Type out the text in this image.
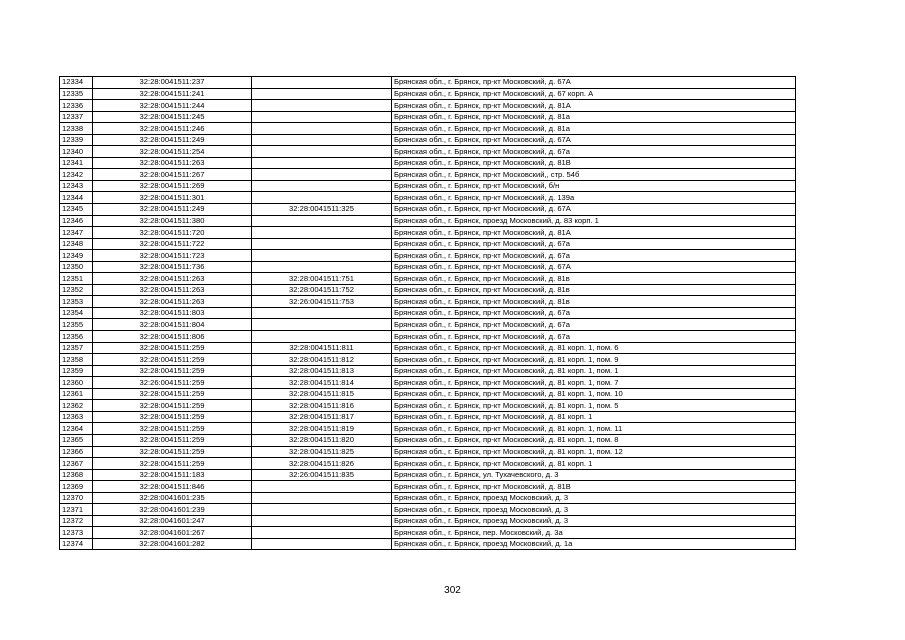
12334	32:28:0041511:237		Брянская обл., г. Брянск, пр-кт Московский, д. 67А
12335	32:28:0041511:241		Брянская обл., г. Брянск, пр-кт Московский, д. 67 корп. А
12336	32:28:0041511:244		Брянская обл., г. Брянск, пр-кт Московский, д. 81А
12337	32:28:0041511:245		Брянская обл., г. Брянск, пр-кт Московский, д. 81а
12338	32:28:0041511:246		Брянская обл., г. Брянск, пр-кт Московский, д. 81а
12339	32:28:0041511:249		Брянская обл., г. Брянск, пр-кт Московский, д. 67А
12340	32:28:0041511:254		Брянская обл., г. Брянск, пр-кт Московский, д. 67а
12341	32:28:0041511:263		Брянская обл., г. Брянск, пр-кт Московский, д. 81В
12342	32:28:0041511:267		Брянская обл., г. Брянск, пр-кт Московский,, стр. 54б
12343	32:28:0041511:269		Брянская обл., г. Брянск, пр-кт Московский, б/н
12344	32:28:0041511:301		Брянская обл., г. Брянск, пр-кт Московский, д. 139а
12345	32:28:0041511:249	32:28:0041511:325	Брянская обл., г. Брянск, пр-кт Московский, д. 67А
12346	32:28:0041511:380		Брянская обл., г. Брянск, проезд Московский, д. 83 корп. 1
12347	32:28:0041511:720		Брянская обл., г. Брянск, пр-кт Московский, д. 81А
12348	32:28:0041511:722		Брянская обл., г. Брянск, пр-кт Московский, д. 67а
12349	32:28:0041511:723		Брянская обл., г. Брянск, пр-кт Московский, д. 67а
12350	32:28:0041511:736		Брянская обл., г. Брянск, пр-кт Московский, д. 67А
12351	32:28:0041511:263	32:28:0041511:751	Брянская обл., г. Брянск, пр-кт Московский, д. 81в
12352	32:28:0041511:263	32:28:0041511:752	Брянская обл., г. Брянск, пр-кт Московский, д. 81в
12353	32:28:0041511:263	32:26:0041511:753	Брянская обл., г. Брянск, пр-кт Московский, д. 81в
12354	32:28:0041511:803		Брянская обл., г. Брянск, пр-кт Московский, д. 67а
12355	32:28:0041511:804		Брянская обл., г. Брянск, пр-кт Московский, д. 67а
12356	32:28:0041511:806		Брянская обл., г. Брянск, пр-кт Московский, д. 67а
12357	32:28:0041511:259	32:28:0041511:811	Брянская обл., г. Брянск, пр-кт Московский, д. 81 корп. 1, пом. 6
12358	32:28:0041511:259	32:28:0041511:812	Брянская обл., г. Брянск, пр-кт Московский, д. 81 корп. 1, пом. 9
12359	32:28:0041511:259	32:28:0041511:813	Брянская обл., г. Брянск, пр-кт Московский, д. 81 корп. 1, пом. 1
12360	32:26:0041511:259	32:28:0041511:814	Брянская обл., г. Брянск, пр-кт Московский, д. 81 корп. 1, пом. 7
12361	32:28:0041511:259	32:28:0041511:815	Брянская обл., г. Брянск, пр-кт Московский, д. 81 корп. 1, пом. 10
12362	32:28:0041511:259	32:28:0041511:816	Брянская обл., г. Брянск, пр-кт Московский, д. 81 корп. 1, пом. 5
12363	32:28:0041511:259	32:28:0041511:817	Брянская обл., г. Брянск, пр-кт Московский, д. 81 корп. 1
12364	32:28:0041511:259	32:28:0041511:819	Брянская обл., г. Брянск, пр-кт Московский, д. 81 корп. 1, пом. 11
12365	32:28:0041511:259	32:28:0041511:820	Брянская обл., г. Брянск, пр-кт Московский, д. 81 корп. 1, пом. 8
12366	32:28:0041511:259	32:28:0041511:825	Брянская обл., г. Брянск, пр-кт Московский, д. 81 корп. 1, пом. 12
12367	32:28:0041511:259	32:28:0041511:826	Брянская обл., г. Брянск, пр-кт Московский, д. 81 корп. 1
12368	32:28:0041511:183	32:26:0041511:835	Брянская обл., г. Брянск, ул. Тухачевского, д. 3
12369	32:28:0041511:846		Брянская обл., г. Брянск, пр-кт Московский, д. 81В
12370	32:28:0041601:235		Брянская обл., г. Брянск, проезд Московский, д. 3
12371	32:28:0041601:239		Брянская обл., г. Брянск, проезд Московский, д. 3
12372	32:28:0041601:247		Брянская обл., г. Брянск, проезд Московский, д. 3
12373	32:28:0041601:267		Брянская обл., г. Брянск, пер. Московский, д. 3а
12374	32:28:0041601:282		Брянская обл., г. Брянск, проезд Московский, д. 1а
302
